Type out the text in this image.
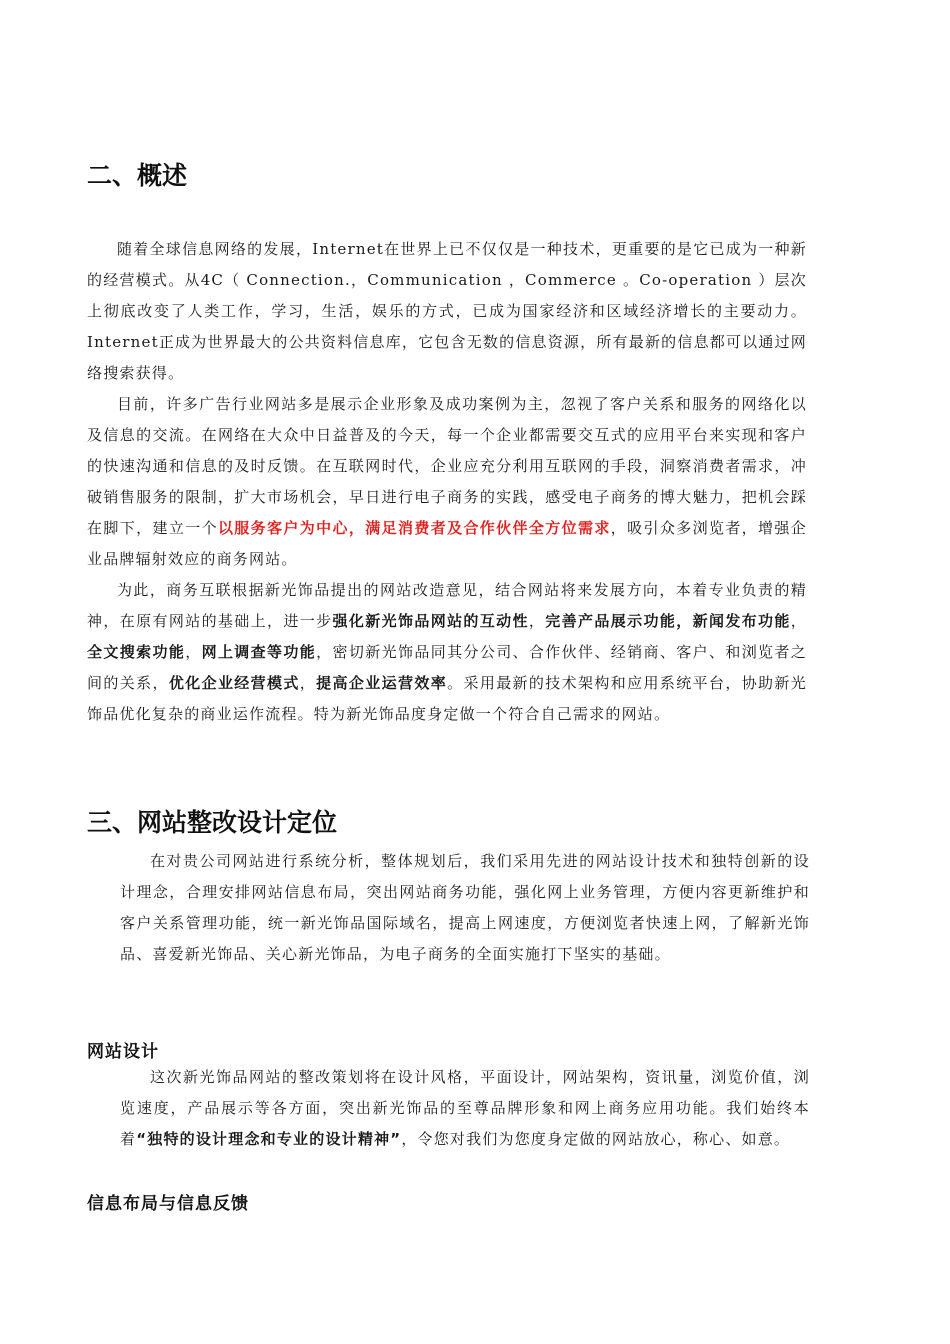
二、概述

随着全球信息网络的发展，Internet在世界上已不仅仅是一种技术，更重要的是它已成为一种新的经营模式。从4C（ Connection.，Communication ，Commerce 。Co-operation ）层次上彻底改变了人类工作，学习，生活，娱乐的方式，已成为国家经济和区域经济增长的主要动力。Internet正成为世界最大的公共资料信息库，它包含无数的信息资源，所有最新的信息都可以通过网络搜索获得。

目前，许多广告行业网站多是展示企业形象及成功案例为主，忽视了客户关系和服务的网络化以及信息的交流。在网络在大众中日益普及的今天，每一个企业都需要交互式的应用平台来实现和客户的快速沟通和信息的及时反馈。在互联网时代，企业应充分利用互联网的手段，洞察消费者需求，冲破销售服务的限制，扩大市场机会，早日进行电子商务的实践，感受电子商务的博大魅力，把机会踩在脚下，建立一个以服务客户为中心，满足消费者及合作伙伴全方位需求，吸引众多浏览者，增强企业品牌辐射效应的商务网站。

为此，商务互联根据新光饰品提出的网站改造意见，结合网站将来发展方向，本着专业负责的精神，在原有网站的基础上，进一步强化新光饰品网站的互动性，完善产品展示功能，新闻发布功能，全文搜索功能，网上调查等功能，密切新光饰品同其分公司、合作伙伴、经销商、客户、和浏览者之间的关系，优化企业经营模式，提高企业运营效率。采用最新的技术架构和应用系统平台，协助新光饰品优化复杂的商业运作流程。特为新光饰品度身定做一个符合自己需求的网站。

三、网站整改设计定位

在对贵公司网站进行系统分析，整体规划后，我们采用先进的网站设计技术和独特创新的设计理念，合理安排网站信息布局，突出网站商务功能，强化网上业务管理，方便内容更新维护和客户关系管理功能，统一新光饰品国际域名，提高上网速度，方便浏览者快速上网，了解新光饰品、喜爱新光饰品、关心新光饰品，为电子商务的全面实施打下坚实的基础。

网站设计

这次新光饰品网站的整改策划将在设计风格，平面设计，网站架构，资讯量，浏览价值，浏览速度，产品展示等各方面，突出新光饰品的至尊品牌形象和网上商务应用功能。我们始终本着“独特的设计理念和专业的设计精神”，令您对我们为您度身定做的网站放心，称心、如意。

信息布局与信息反馈
